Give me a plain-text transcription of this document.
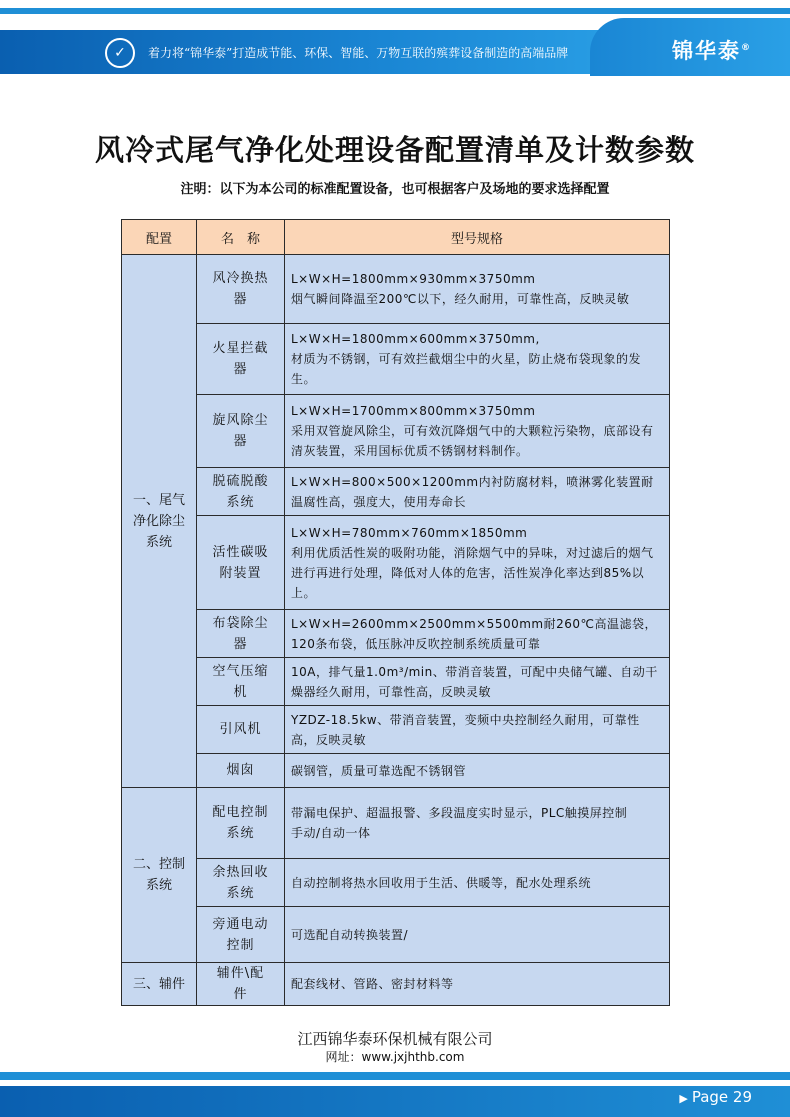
✓	着力将“锦华泰”打造成节能、环保、智能、万物互联的殡葬设备制造的高端品牌	锦华泰®
风冷式尾气净化处理设备配置清单及计数参数
注明：以下为本公司的标准配置设备，也可根据客户及场地的要求选择配置
配置	名　称	型号规格
一、尾气净化除尘系统	风冷换热器	L×W×H=1800mm×930mm×3750mm
烟气瞬间降温至200℃以下，经久耐用，可靠性高，反映灵敏

	火星拦截器	L×W×H=1800mm×600mm×3750mm,
材质为不锈钢，可有效拦截烟尘中的火星，防止烧布袋现象的发生。

	旋风除尘器	L×W×H=1700mm×800mm×3750mm
采用双管旋风除尘，可有效沉降烟气中的大颗粒污染物，底部设有清灰装置，采用国标优质不锈钢材料制作。

	脱硫脱酸系统	L×W×H=800×500×1200mm内衬防腐材料，喷淋雾化装置耐温腐性高，强度大，使用寿命长

	活性碳吸附装置	L×W×H=780mm×760mm×1850mm
利用优质活性炭的吸附功能，消除烟气中的异味，对过滤后的烟气进行再进行处理，降低对人体的危害，活性炭净化率达到85%以上。

	布袋除尘器	L×W×H=2600mm×2500mm×5500mm耐260℃高温滤袋，120条布袋，低压脉冲反吹控制系统质量可靠

	空气压缩机	10A，排气量1.0m³/min、带消音装置，可配中央储气罐、自动干燥器经久耐用，可靠性高，反映灵敏

	引风机	YZDZ-18.5kw、带消音装置，变频中央控制经久耐用，可靠性高，反映灵敏

	烟囱	碳钢管，质量可靠选配不锈钢管

二、控制系统	配电控制系统	带漏电保护、超温报警、多段温度实时显示，PLC触摸屏控制
手动/自动一体

	余热回收系统	自动控制将热水回收用于生活、供暖等，配水处理系统

	旁通电动控制	可选配自动转换装置/

三、辅件	辅件\配件	配套线材、管路、密封材料等
江西锦华泰环保机械有限公司
网址：www.jxjhthb.com
▶ Page 29
